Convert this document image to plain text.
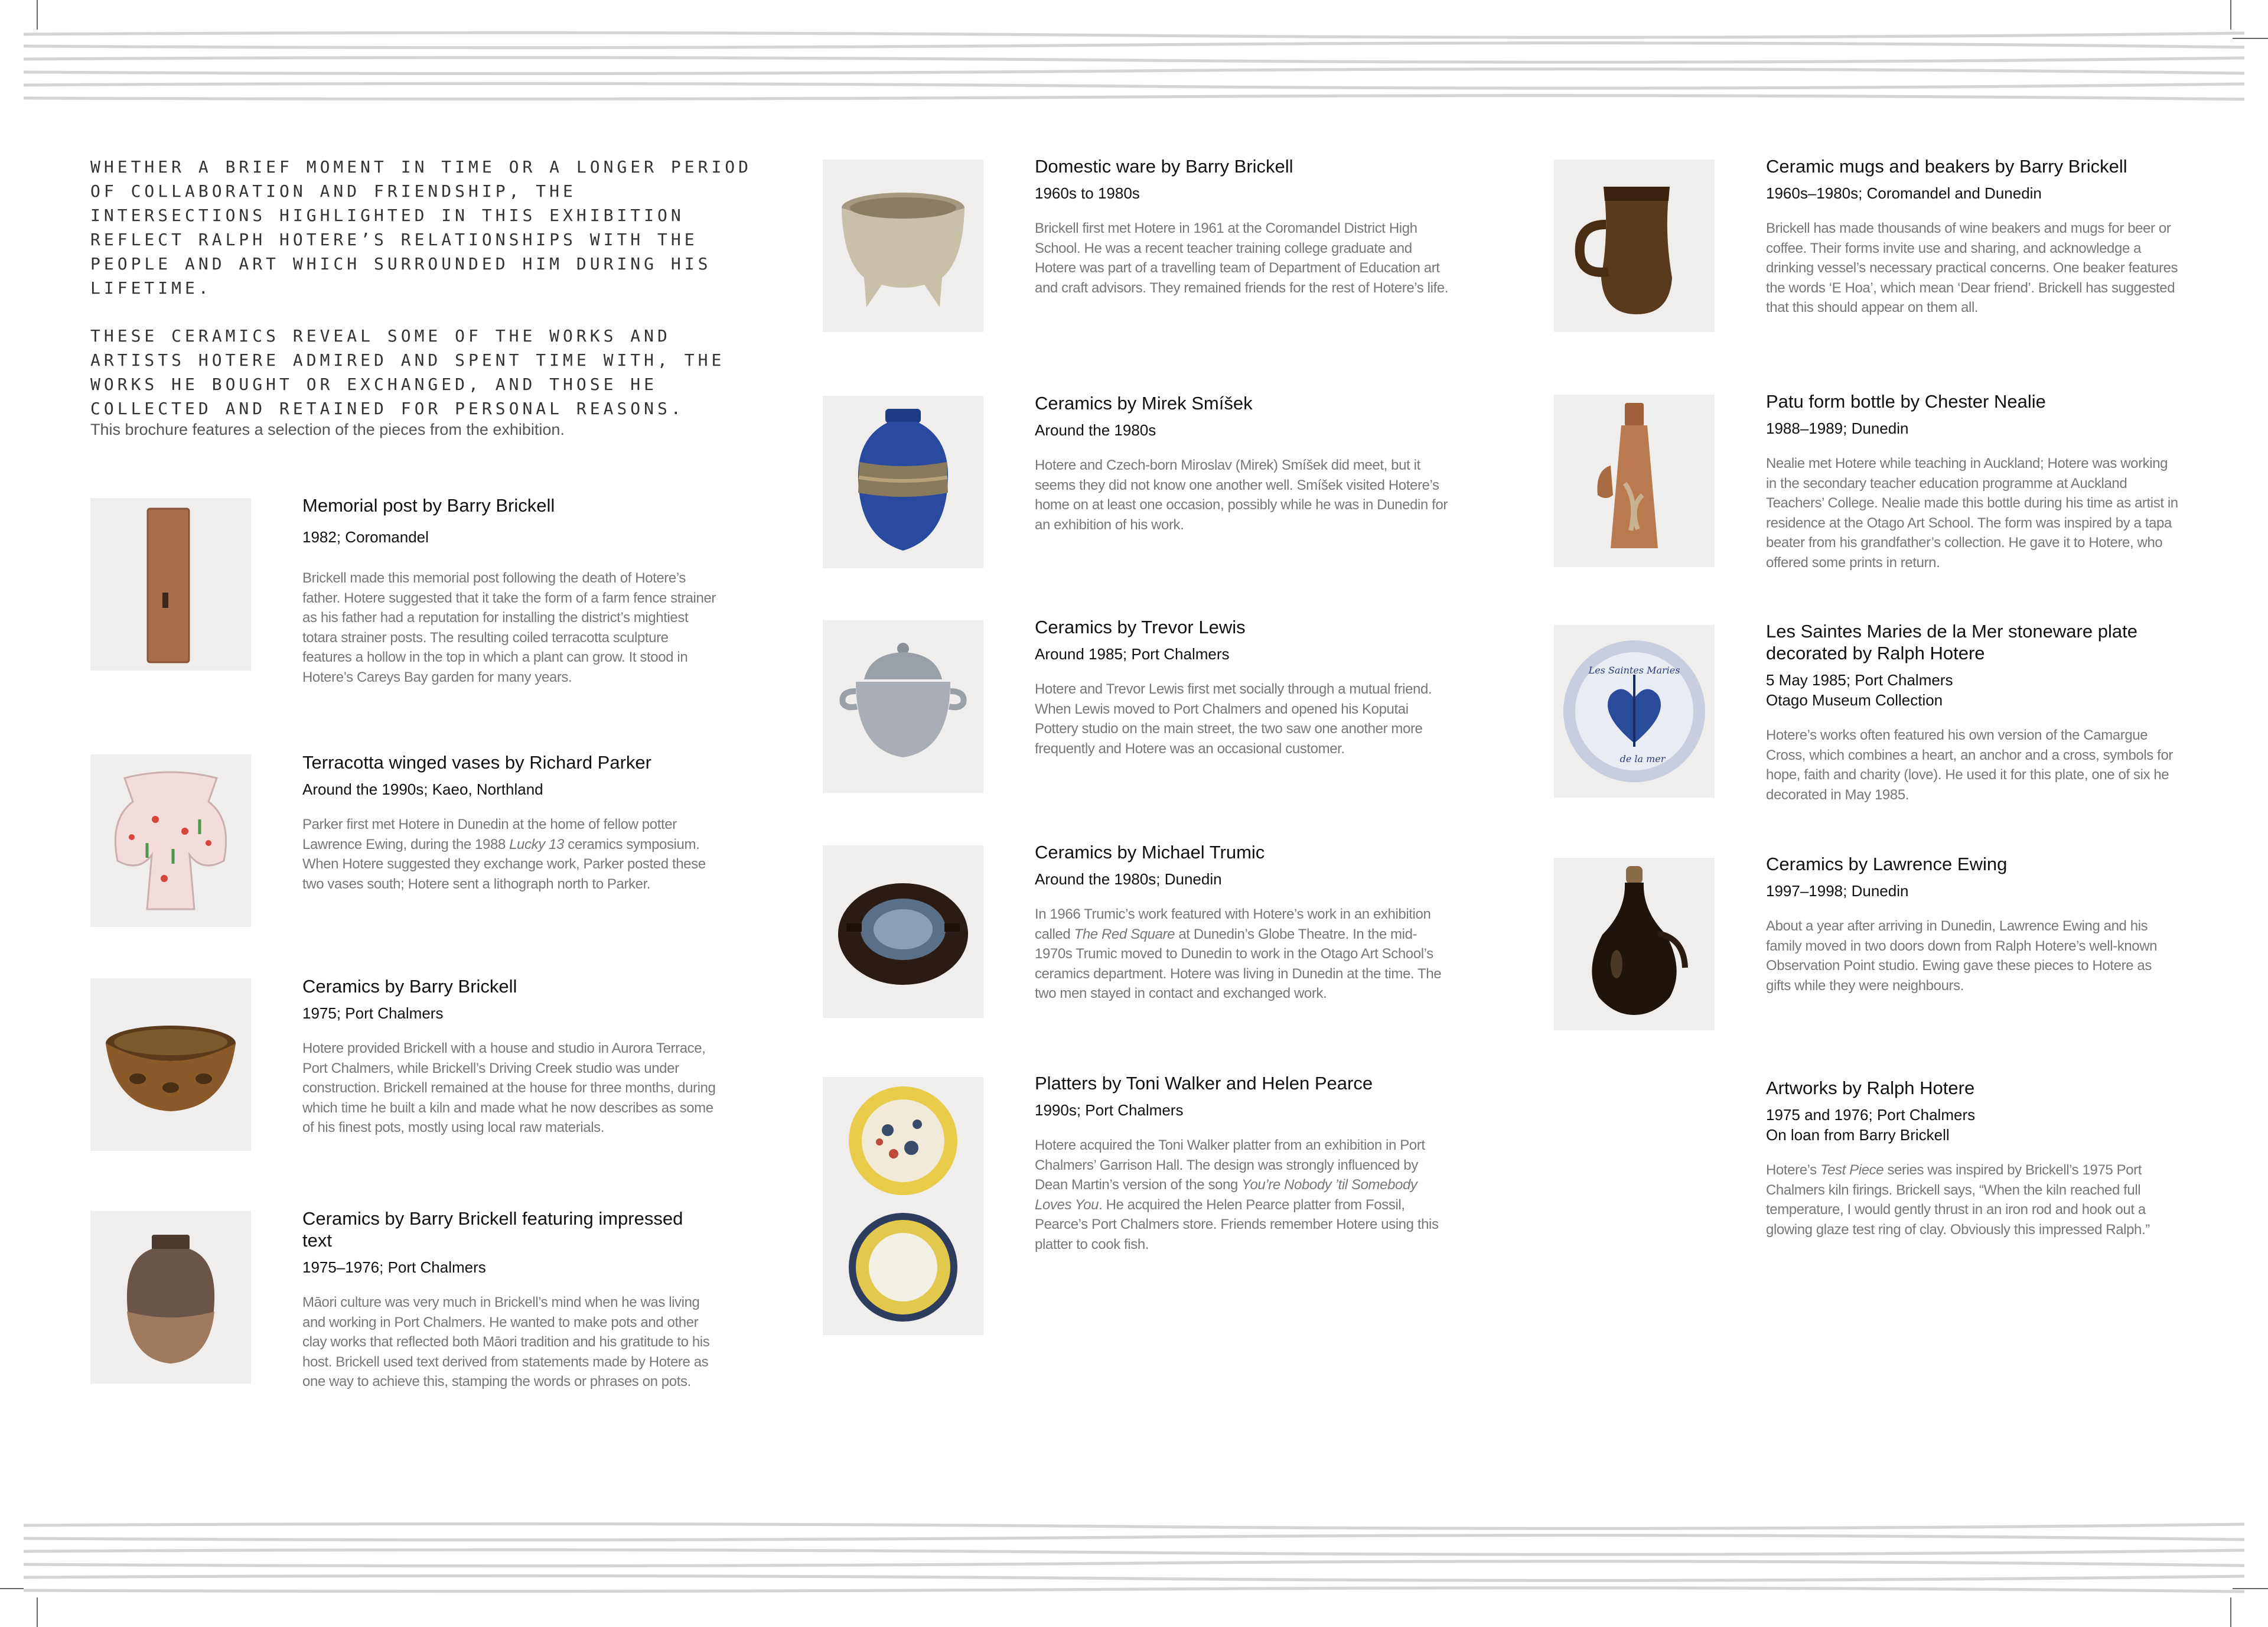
WHETHER A BRIEF MOMENT IN TIME OR A LONGER PERIOD OF COLLABORATION AND FRIENDSHIP, THE INTERSECTIONS HIGHLIGHTED IN THIS EXHIBITION REFLECT RALPH HOTERE’S RELATIONSHIPS WITH THE PEOPLE AND ART WHICH SURROUNDED HIM DURING HIS LIFETIME.

THESE CERAMICS REVEAL SOME OF THE WORKS AND ARTISTS HOTERE ADMIRED AND SPENT TIME WITH, THE WORKS HE BOUGHT OR EXCHANGED, AND THOSE HE COLLECTED AND RETAINED FOR PERSONAL REASONS.

This brochure features a selection of the pieces from the exhibition.
Memorial post by Barry Brickell
1982; Coromandel

Brickell made this memorial post following the death of Hotere’s father. Hotere suggested that it take the form of a farm fence strainer as his father had a reputation for installing the district’s mightiest totara strainer posts. The resulting coiled terracotta sculpture features a hollow in the top in which a plant can grow. It stood in Hotere’s Careys Bay garden for many years.

Terracotta winged vases by Richard Parker
Around the 1990s; Kaeo, Northland

Parker first met Hotere in Dunedin at the home of fellow potter Lawrence Ewing, during the 1988 Lucky 13 ceramics symposium. When Hotere suggested they exchange work, Parker posted these two vases south; Hotere sent a lithograph north to Parker.

Ceramics by Barry Brickell
1975; Port Chalmers

Hotere provided Brickell with a house and studio in Aurora Terrace, Port Chalmers, while Brickell’s Driving Creek studio was under construction. Brickell remained at the house for three months, during which time he built a kiln and made what he now describes as some of his finest pots, mostly using local raw materials.

Ceramics by Barry Brickell featuring impressed text
1975–1976; Port Chalmers

Māori culture was very much in Brickell’s mind when he was living and working in Port Chalmers. He wanted to make pots and other clay works that reflected both Māori tradition and his gratitude to his host. Brickell used text derived from statements made by Hotere as one way to achieve this, stamping the words or phrases on pots.

Domestic ware by Barry Brickell
1960s to 1980s

Brickell first met Hotere in 1961 at the Coromandel District High School. He was a recent teacher training college graduate and Hotere was part of a travelling team of Department of Education art and craft advisors. They remained friends for the rest of Hotere’s life.

Ceramics by Mirek Smíšek
Around the 1980s

Hotere and Czech-born Miroslav (Mirek) Smíšek did meet, but it seems they did not know one another well. Smíšek visited Hotere’s home on at least one occasion, possibly while he was in Dunedin for an exhibition of his work.

Ceramics by Trevor Lewis
Around 1985; Port Chalmers

Hotere and Trevor Lewis first met socially through a mutual friend. When Lewis moved to Port Chalmers and opened his Koputai Pottery studio on the main street, the two saw one another more frequently and Hotere was an occasional customer.

Ceramics by Michael Trumic
Around the 1980s; Dunedin

In 1966 Trumic’s work featured with Hotere’s work in an exhibition called The Red Square at Dunedin’s Globe Theatre. In the mid-1970s Trumic moved to Dunedin to work in the Otago Art School’s ceramics department. Hotere was living in Dunedin at the time. The two men stayed in contact and exchanged work.

Platters by Toni Walker and Helen Pearce
1990s; Port Chalmers

Hotere acquired the Toni Walker platter from an exhibition in Port Chalmers’ Garrison Hall. The design was strongly influenced by Dean Martin’s version of the song You’re Nobody ’til Somebody Loves You. He acquired the Helen Pearce platter from Fossil, Pearce’s Port Chalmers store. Friends remember Hotere using this platter to cook fish.

Ceramic mugs and beakers by Barry Brickell
1960s–1980s; Coromandel and Dunedin

Brickell has made thousands of wine beakers and mugs for beer or coffee. Their forms invite use and sharing, and acknowledge a drinking vessel’s necessary practical concerns. One beaker features the words ‘E Hoa’, which mean ‘Dear friend’. Brickell has suggested that this should appear on them all.

Patu form bottle by Chester Nealie
1988–1989; Dunedin

Nealie met Hotere while teaching in Auckland; Hotere was working in the secondary teacher education programme at Auckland Teachers’ College. Nealie made this bottle during his time as artist in residence at the Otago Art School. The form was inspired by a tapa beater from his grandfather’s collection. He gave it to Hotere, who offered some prints in return.

Les Saintes Maries
de la mer
Les Saintes Maries de la Mer stoneware plate decorated by Ralph Hotere
5 May 1985; Port Chalmers
Otago Museum Collection

Hotere’s works often featured his own version of the Camargue Cross, which combines a heart, an anchor and a cross, symbols for hope, faith and charity (love). He used it for this plate, one of six he decorated in May 1985.

Ceramics by Lawrence Ewing
1997–1998; Dunedin

About a year after arriving in Dunedin, Lawrence Ewing and his family moved in two doors down from Ralph Hotere’s well-known Observation Point studio. Ewing gave these pieces to Hotere as gifts while they were neighbours.

Artworks by Ralph Hotere
1975 and 1976; Port Chalmers
On loan from Barry Brickell

Hotere’s Test Piece series was inspired by Brickell’s 1975 Port Chalmers kiln firings. Brickell says, “When the kiln reached full temperature, I would gently thrust in an iron rod and hook out a glowing glaze test ring of clay. Obviously this impressed Ralph.”
